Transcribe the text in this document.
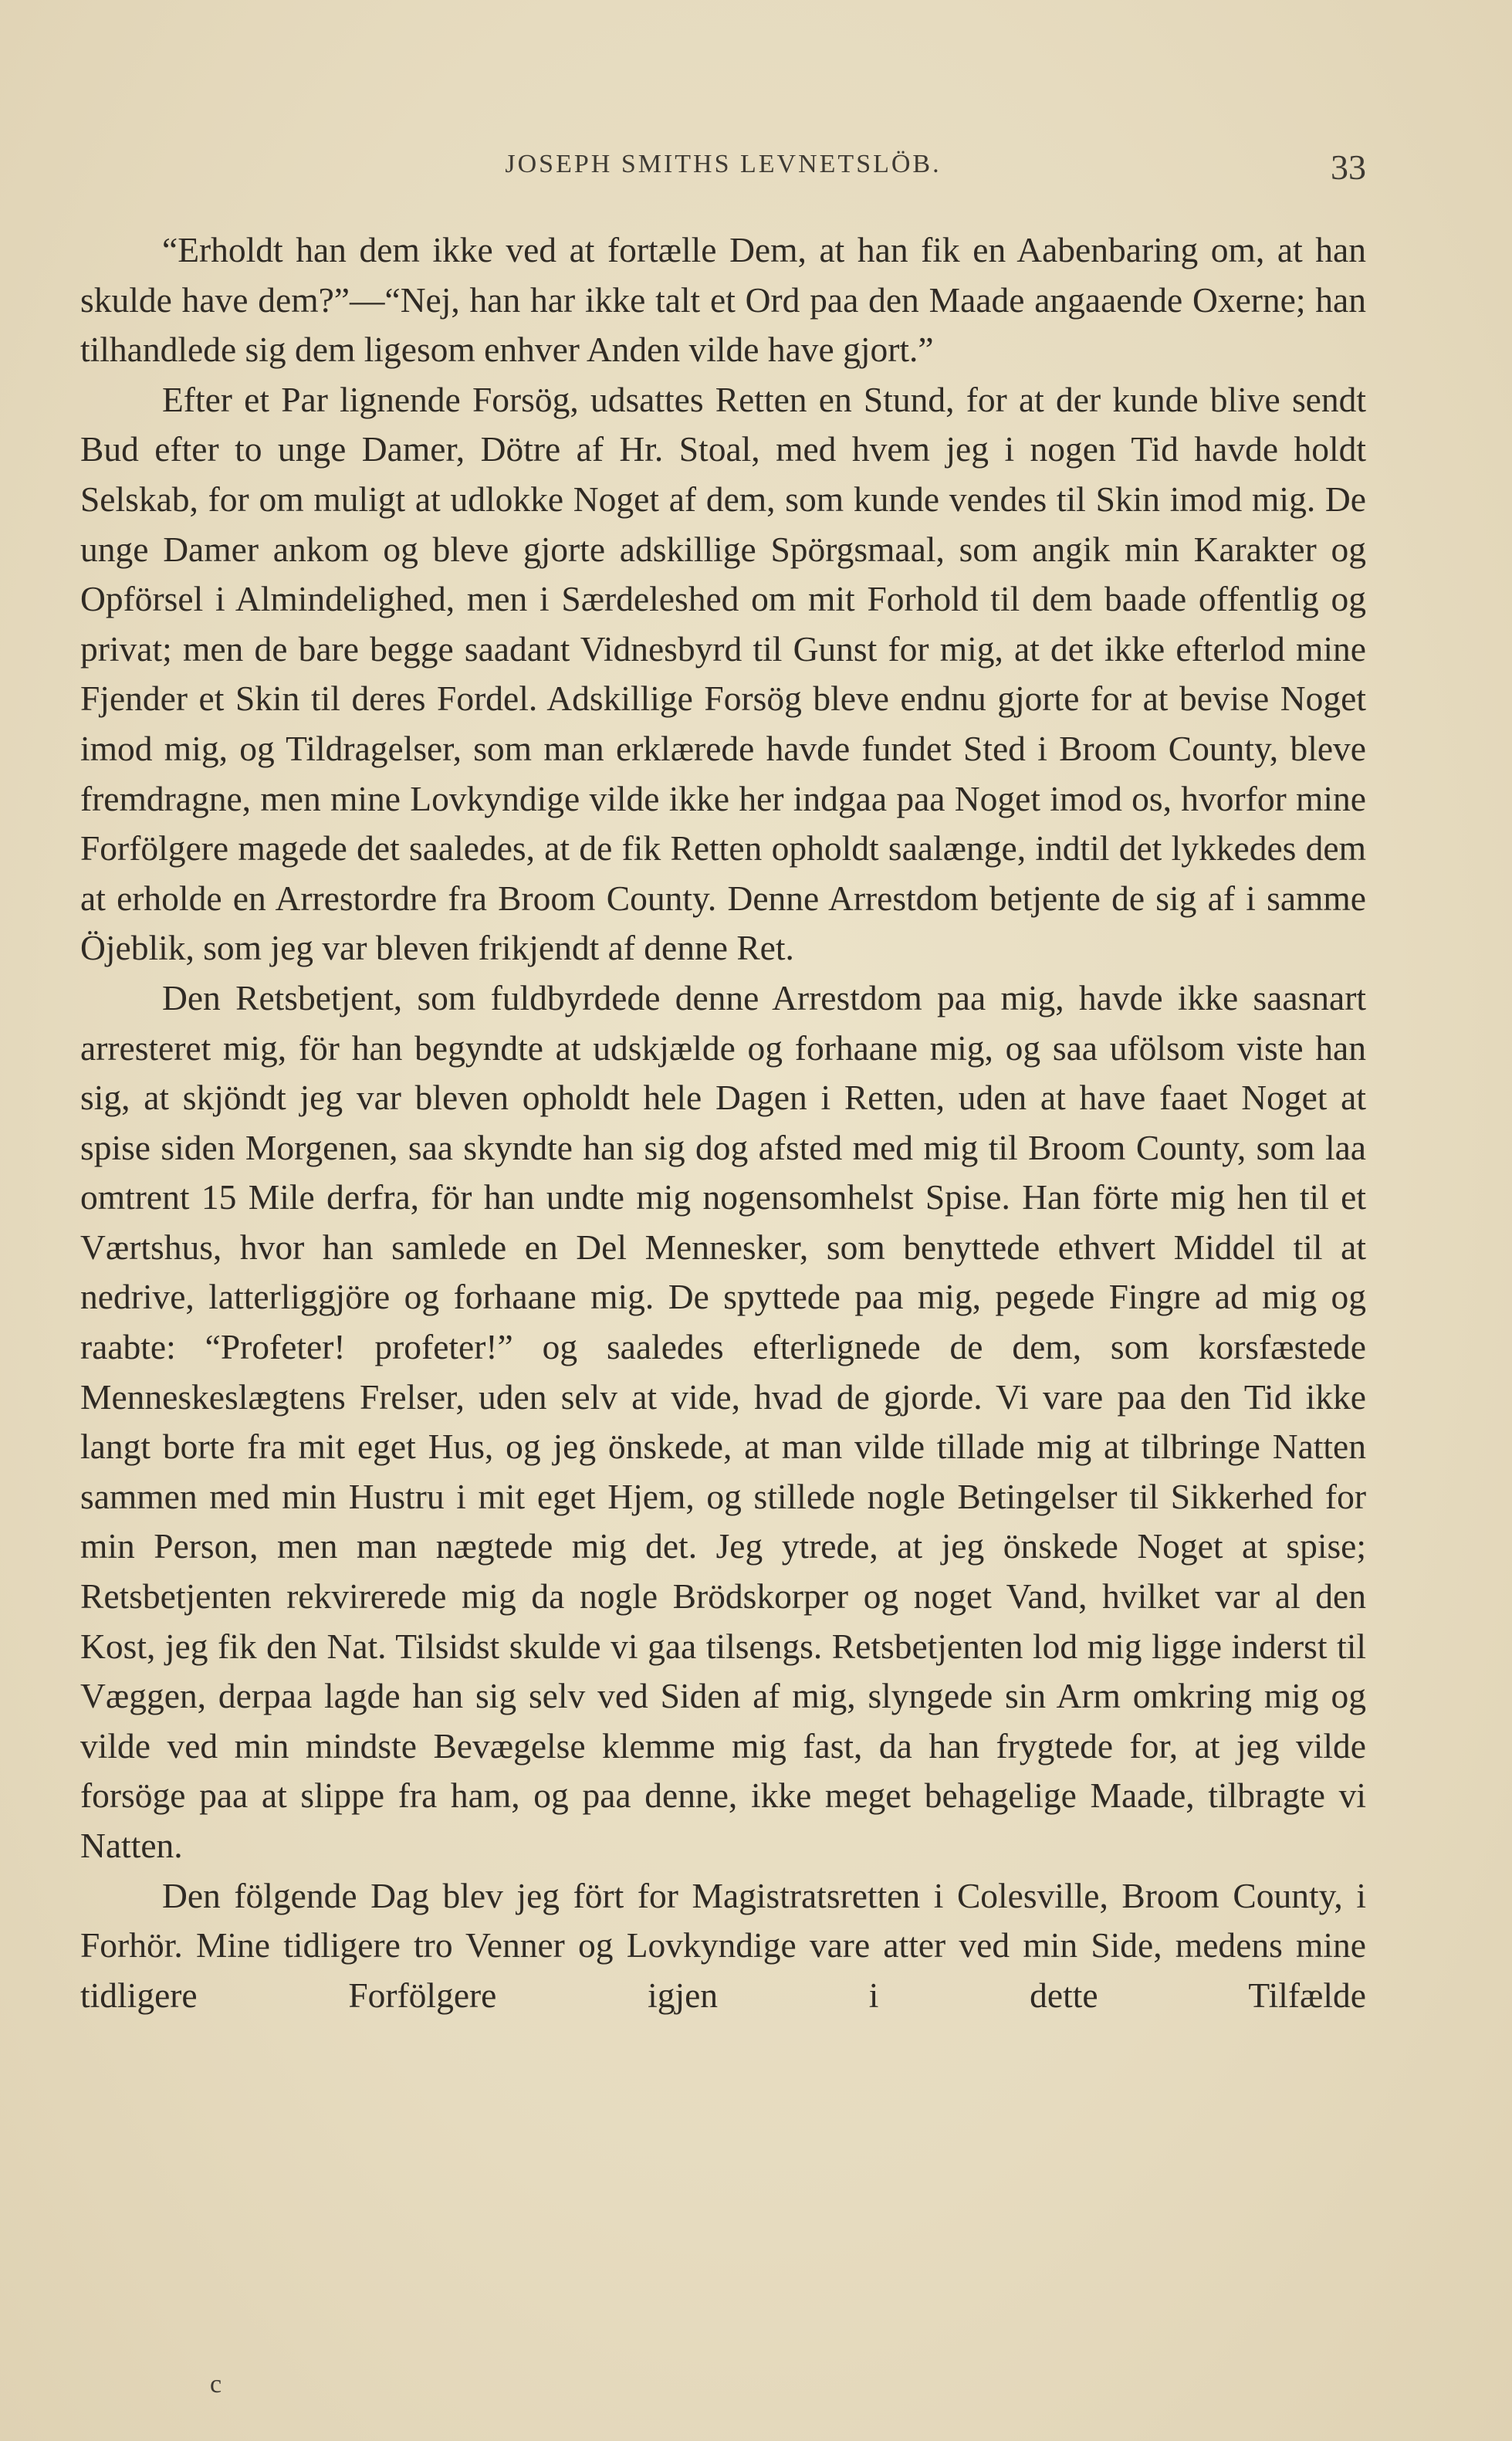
JOSEPH SMITHS LEVNETSLÖB.	33

“Erholdt han dem ikke ved at fortælle Dem, at han fik en Aabenbaring om, at han skulde have dem?”—“Nej, han har ikke talt et Ord paa den Maade angaaende Oxerne; han tilhandlede sig dem ligesom enhver Anden vilde have gjort.”

Efter et Par lignende Forsög, udsattes Retten en Stund, for at der kunde blive sendt Bud efter to unge Damer, Dötre af Hr. Stoal, med hvem jeg i nogen Tid havde holdt Selskab, for om muligt at udlokke Noget af dem, som kunde vendes til Skin imod mig. De unge Damer ankom og bleve gjorte adskillige Spörgsmaal, som angik min Karakter og Opförsel i Almindelighed, men i Særdeleshed om mit Forhold til dem baade offentlig og privat; men de bare begge saadant Vidnesbyrd til Gunst for mig, at det ikke efterlod mine Fjender et Skin til deres Fordel. Adskillige Forsög bleve endnu gjorte for at bevise Noget imod mig, og Tildragelser, som man erklærede havde fundet Sted i Broom County, bleve fremdragne, men mine Lovkyndige vilde ikke her indgaa paa Noget imod os, hvorfor mine Forfölgere magede det saaledes, at de fik Retten opholdt saalænge, indtil det lykkedes dem at erholde en Arrestordre fra Broom County. Denne Arrestdom betjente de sig af i samme Öjeblik, som jeg var bleven frikjendt af denne Ret.

Den Retsbetjent, som fuldbyrdede denne Arrestdom paa mig, havde ikke saasnart arresteret mig, för han begyndte at udskjælde og forhaane mig, og saa ufölsom viste han sig, at skjöndt jeg var bleven opholdt hele Dagen i Retten, uden at have faaet Noget at spise siden Morgenen, saa skyndte han sig dog afsted med mig til Broom County, som laa omtrent 15 Mile derfra, för han undte mig nogensomhelst Spise. Han förte mig hen til et Værtshus, hvor han samlede en Del Mennesker, som benyttede ethvert Middel til at nedrive, latterliggjöre og forhaane mig. De spyttede paa mig, pegede Fingre ad mig og raabte: “Profeter! profeter!” og saaledes efterlignede de dem, som korsfæstede Menneskeslægtens Frelser, uden selv at vide, hvad de gjorde. Vi vare paa den Tid ikke langt borte fra mit eget Hus, og jeg önskede, at man vilde tillade mig at tilbringe Natten sammen med min Hustru i mit eget Hjem, og stillede nogle Betingelser til Sikkerhed for min Person, men man nægtede mig det. Jeg ytrede, at jeg önskede Noget at spise; Retsbetjenten rekvirerede mig da nogle Brödskorper og noget Vand, hvilket var al den Kost, jeg fik den Nat. Tilsidst skulde vi gaa tilsengs. Retsbetjenten lod mig ligge inderst til Væggen, derpaa lagde han sig selv ved Siden af mig, slyngede sin Arm omkring mig og vilde ved min mindste Bevægelse klemme mig fast, da han frygtede for, at jeg vilde forsöge paa at slippe fra ham, og paa denne, ikke meget behagelige Maade, tilbragte vi Natten.

Den fölgende Dag blev jeg fört for Magistratsretten i Colesville, Broom County, i Forhör. Mine tidligere tro Venner og Lovkyndige vare atter ved min Side, medens mine tidligere Forfölgere igjen i dette Tilfælde

c
